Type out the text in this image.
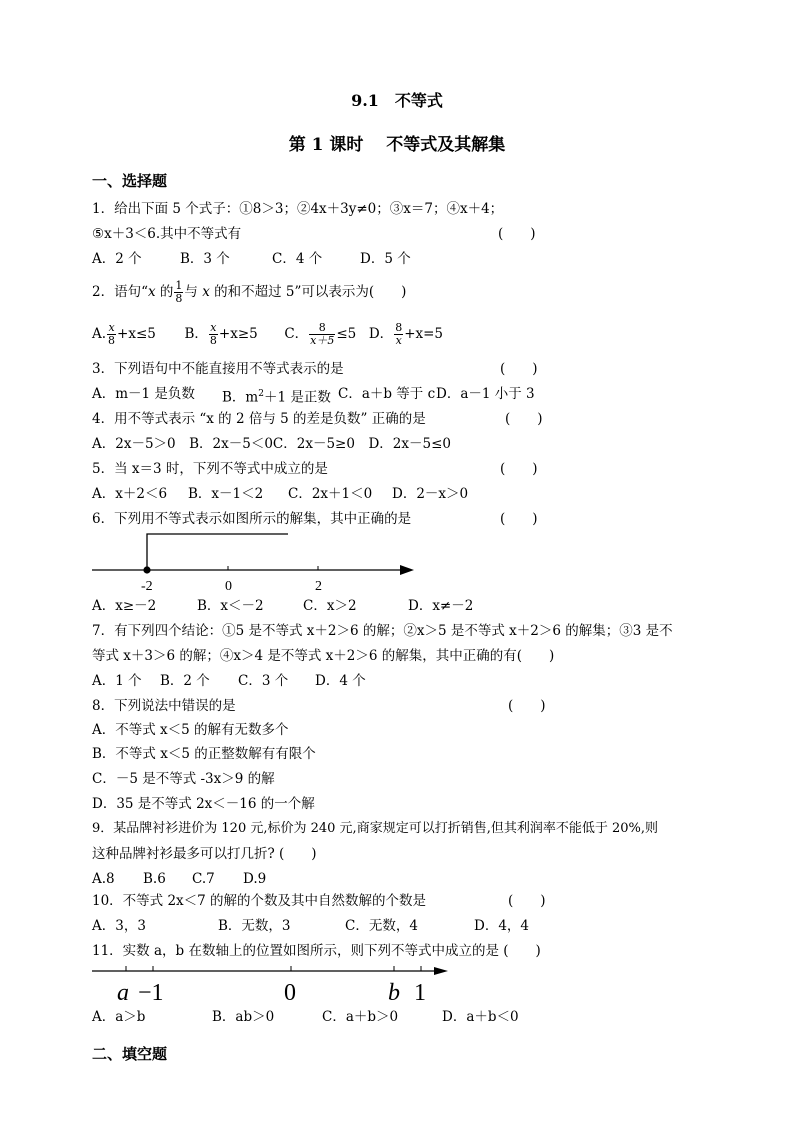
9.1　不等式
第 1 课时　 不等式及其解集
一、选择题
1．给出下面 5 个式子：①8＞3；②4x＋3y≠0；③x＝7；④x＋4；
⑤x＋3＜6.其中不等式有	(　　)
A．2 个	B．3 个	C．4 个	D．5 个
2．语句“x 的 $\frac{1}{8}$ 与 x 的和不超过 5”可以表示为(　　)
A. $\frac{x}{8} +x\le 5$ B． $\frac{x}{8} +x\ge 5$ C． $\frac{8}{x+5} \le 5$ D． $\frac{8}{x} +x=5$
3．下列语句中不能直接用不等式表示的是	(　　)
A．m－1 是负数 B．$m^2+1$ 是正数 C．a＋b 等于 c D．a－1 小于 3
4．用不等式表示 “x 的 2 倍与 5 的差是负数” 正确的是	(　　)
A．2x－5＞0　B．2x－5＜0C．2x－5≥0　D．2x－5≤0
5．当 x＝3 时，下列不等式中成立的是	(　　)
A．x＋2＜6 B．x－1＜2 C．2x＋1＜0 D．2－x＞0
6．下列用不等式表示如图所示的解集，其中正确的是	(　　)
-2	0	2
A．x≥－2	B．x＜－2	C．x＞2	D．x≠－2
7．有下列四个结论：①5 是不等式 x＋2＞6 的解；②x＞5 是不等式 x＋2＞6 的解集；③3 是不
等式 x＋3＞6 的解；④x＞4 是不等式 x＋2＞6 的解集，其中正确的有(　　)
A．1 个 B．2 个 C．3 个 D．4 个
8．下列说法中错误的是	(　　)
A．不等式 x＜5 的解有无数多个
B．不等式 x＜5 的正整数解有有限个
C．－5 是不等式 -3x＞9 的解
D．35 是不等式 2x＜－16 的一个解
9．某品牌衬衫进价为 120 元,标价为 240 元,商家规定可以打折销售,但其利润率不能低于 20%,则
这种品牌衬衫最多可以打几折? (　　)
A.8 B.6 C.7 D.9
10．不等式 2x＜7 的解的个数及其中自然数解的个数是	(　　)
A．3，3	B．无数，3	C．无数，4	D．4，4
11．实数 a，b 在数轴上的位置如图所示，则下列不等式中成立的是 (　　)
a −1	0	b 1
A．a＞b	B．ab＞0	C．a＋b＞0	D．a＋b＜0
二、填空题
